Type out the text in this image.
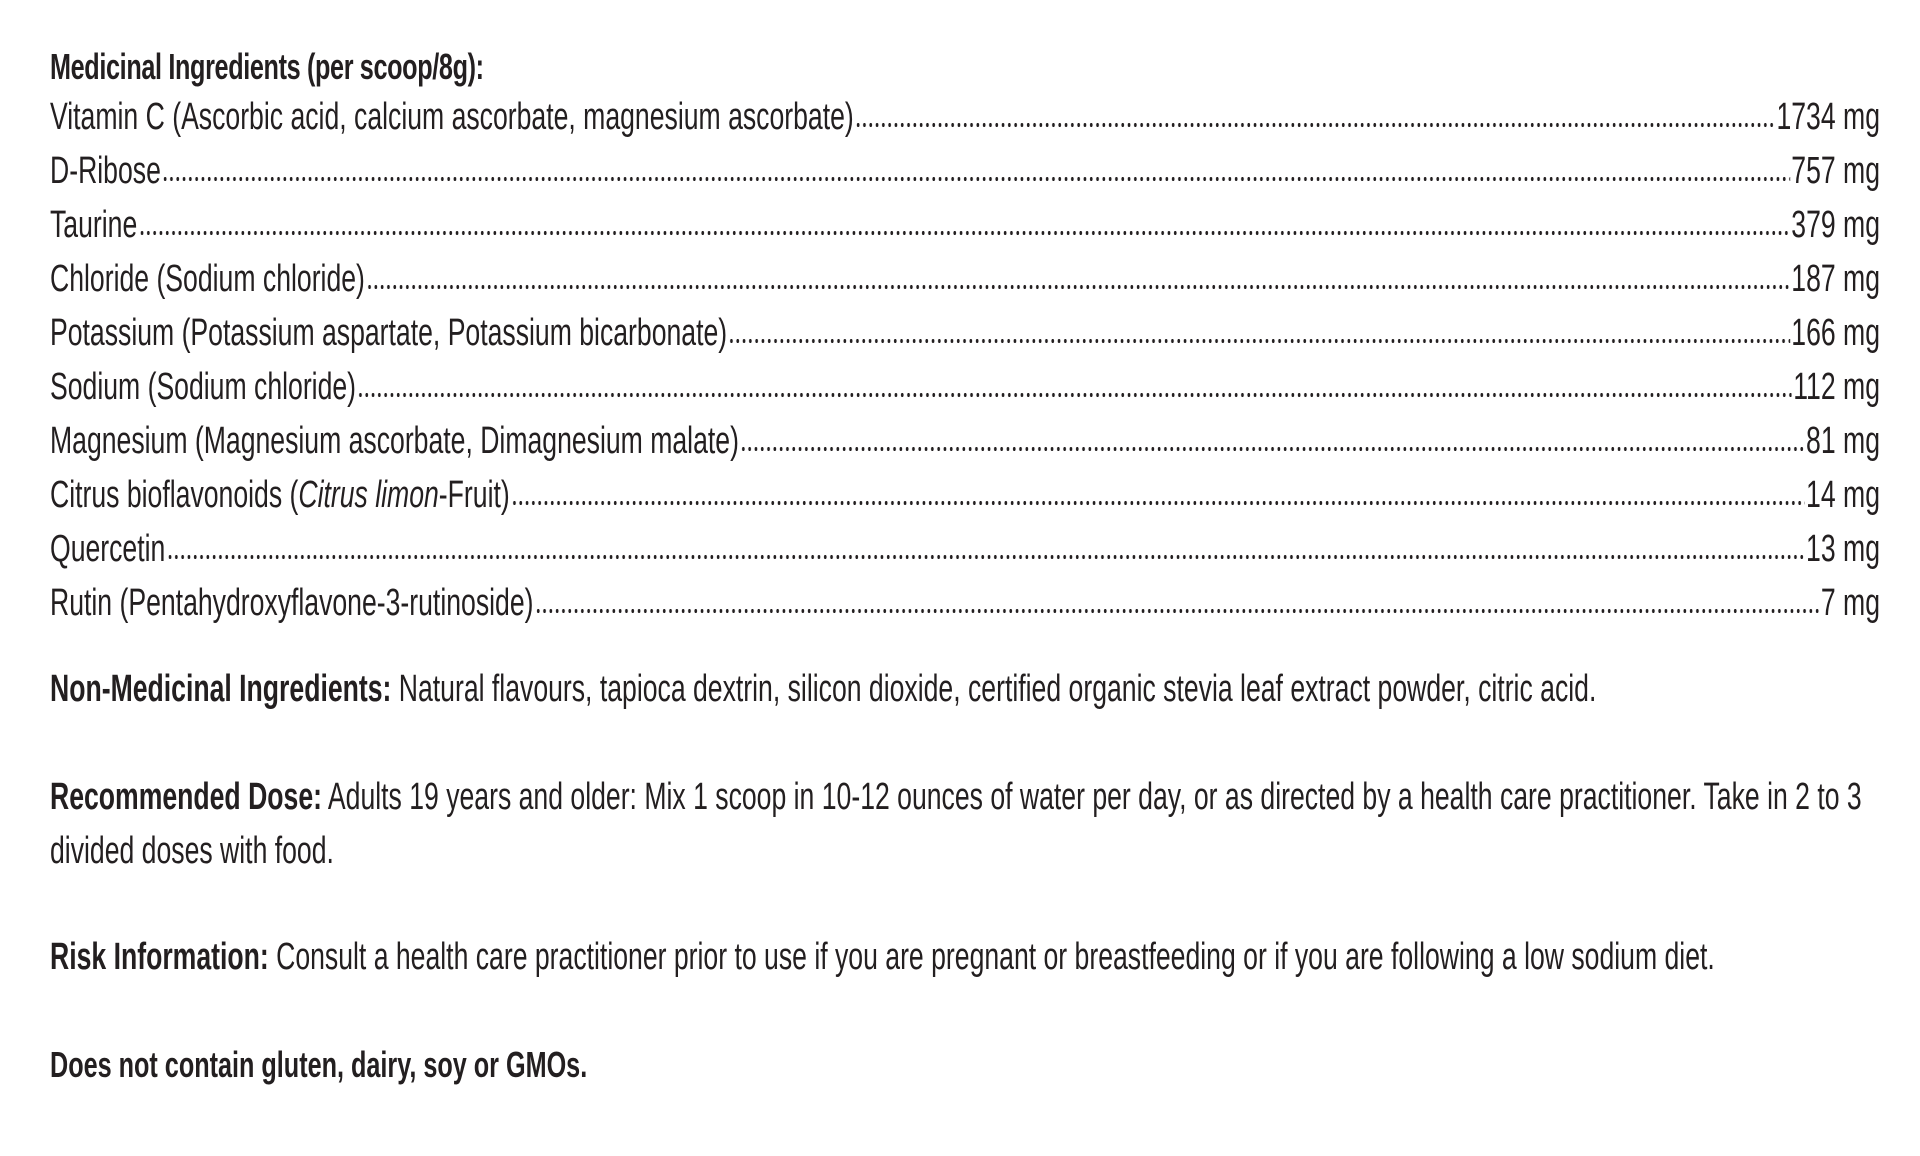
Medicinal Ingredients (per scoop/8g):
Vitamin C (Ascorbic acid, calcium ascorbate, magnesium ascorbate)	1734 mg
D-Ribose	757 mg
Taurine	379 mg
Chloride (Sodium chloride)	187 mg
Potassium (Potassium aspartate, Potassium bicarbonate)	166 mg
Sodium (Sodium chloride)	112 mg
Magnesium (Magnesium ascorbate, Dimagnesium malate)	81 mg
Citrus bioflavonoids (Citrus limon-Fruit)	14 mg
Quercetin	13 mg
Rutin (Pentahydroxyflavone-3-rutinoside)	7 mg

Non-Medicinal Ingredients: Natural flavours, tapioca dextrin, silicon dioxide, certified organic stevia leaf extract powder, citric acid.

Recommended Dose: Adults 19 years and older: Mix 1 scoop in 10-12 ounces of water per day, or as directed by a health care practitioner. Take in 2 to 3 divided doses with food.

Risk Information: Consult a health care practitioner prior to use if you are pregnant or breastfeeding or if you are following a low sodium diet.

Does not contain gluten, dairy, soy or GMOs.
